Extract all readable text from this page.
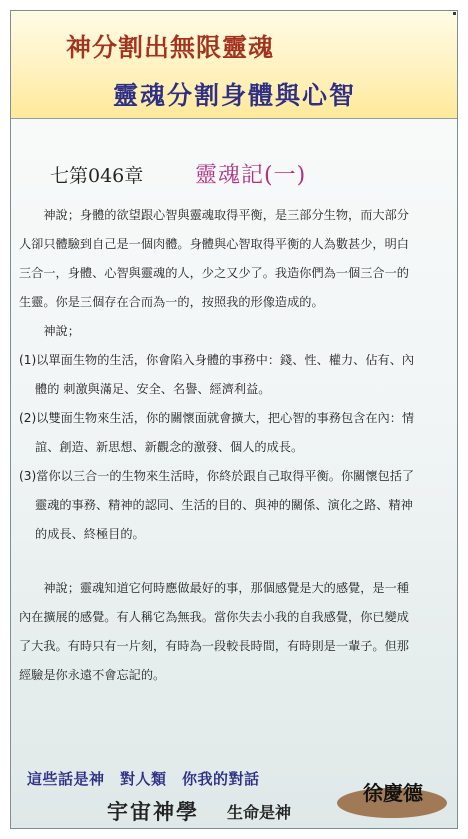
神分割出無限靈魂
靈魂分割身體與心智
七第046章 靈魂記(一)
　　神說；身體的欲望跟心智與靈魂取得平衡，是三部分生物，而大部分
人卻只體驗到自己是一個肉體。身體與心智取得平衡的人為數甚少，明白
三合一，身體、心智與靈魂的人，少之又少了。我造你們為一個三合一的
生靈。你是三個存在合而為一的，按照我的形像造成的。
　　神說；
(1)以單面生物的生活，你會陷入身體的事務中：錢、性、權力、佔有、內
　 體的 刺激與滿足、安全、名譽、經濟利益。
(2)以雙面生物來生活，你的關懷面就會擴大，把心智的事務包含在內：情
　 誼、創造、新思想、新觀念的激發、個人的成長。
(3)當你以三合一的生物來生活時，你終於跟自己取得平衡。你關懷包括了
　 靈魂的事務、精神的認同、生活的目的、與神的關係、演化之路、精神
　 的成長、終極目的。
　　神說；靈魂知道它何時應做最好的事，那個感覺是大的感覺，是一種
內在擴展的感覺。有人稱它為無我。當你失去小我的自我感覺，你已變成
了大我。有時只有一片刻，有時為一段較長時間，有時則是一輩子。但那
經驗是你永遠不會忘記的。
這些話是神　對人類　你我的對話
宇宙神學 生命是神
徐慶德
